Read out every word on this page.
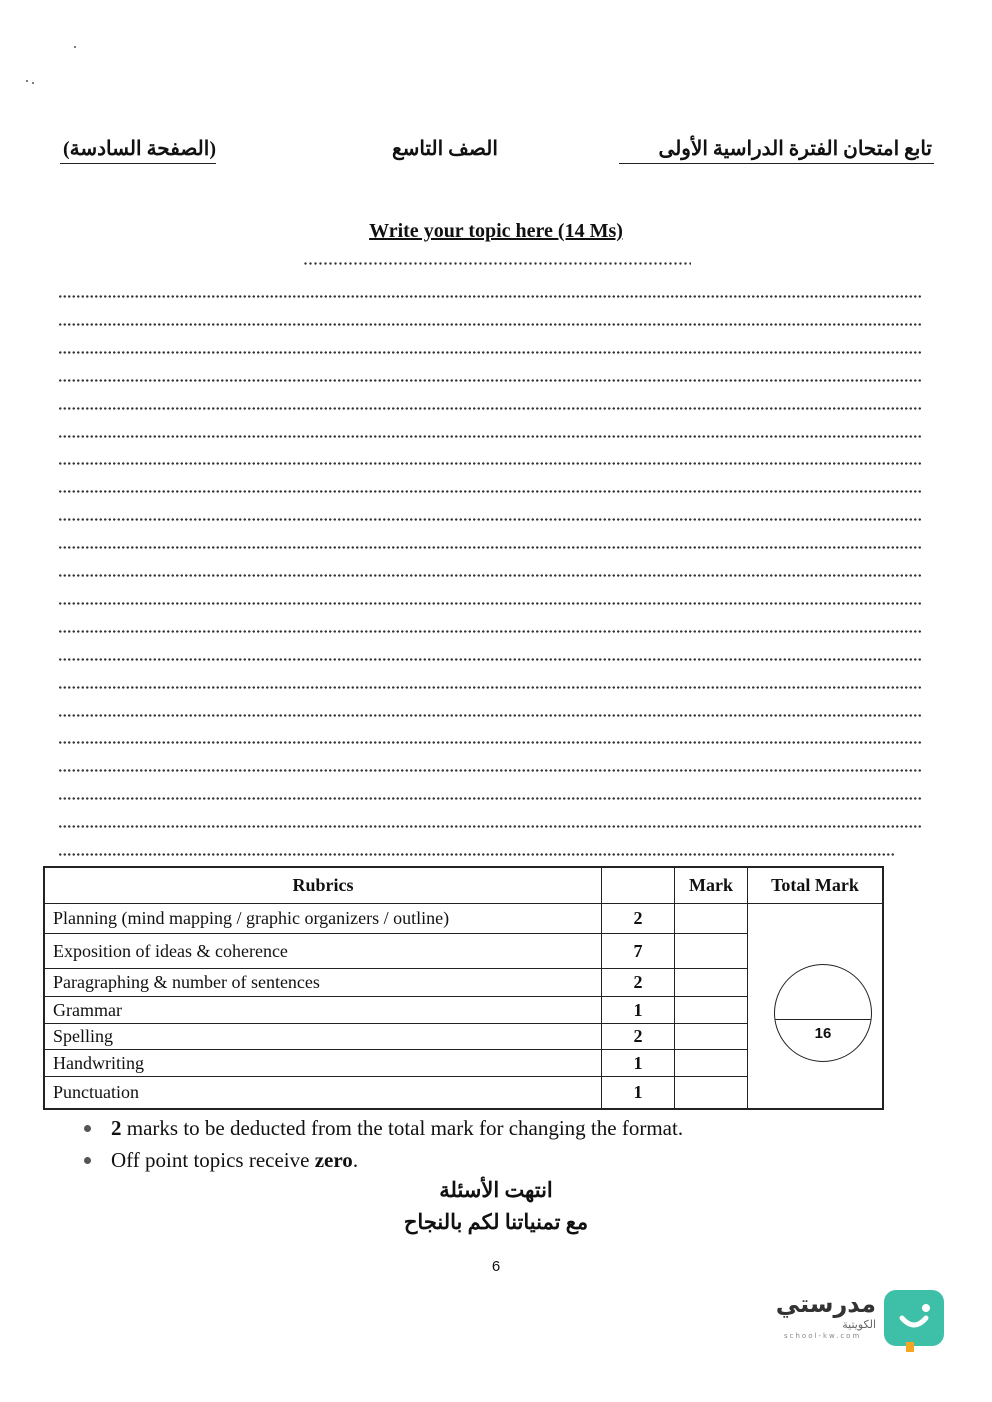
تابع امتحان الفترة الدراسية الأولى
الصف التاسع
(الصفحة السادسة)
Write your topic here (14 Ms)
Rubrics		Mark	Total Mark
Planning (mind mapping / graphic organizers / outline)	2		16

Exposition of ideas & coherence	7		
Paragraphing & number of sentences	2		
Grammar	1		
Spelling	2		
Handwriting	1		
Punctuation	1		
2 marks to be deducted from the total mark for changing the format.
Off point topics receive zero.
انتهت الأسئلة
مع تمنياتنا لكم بالنجاح
6
مدرستي
الكويتية
school-kw.com
